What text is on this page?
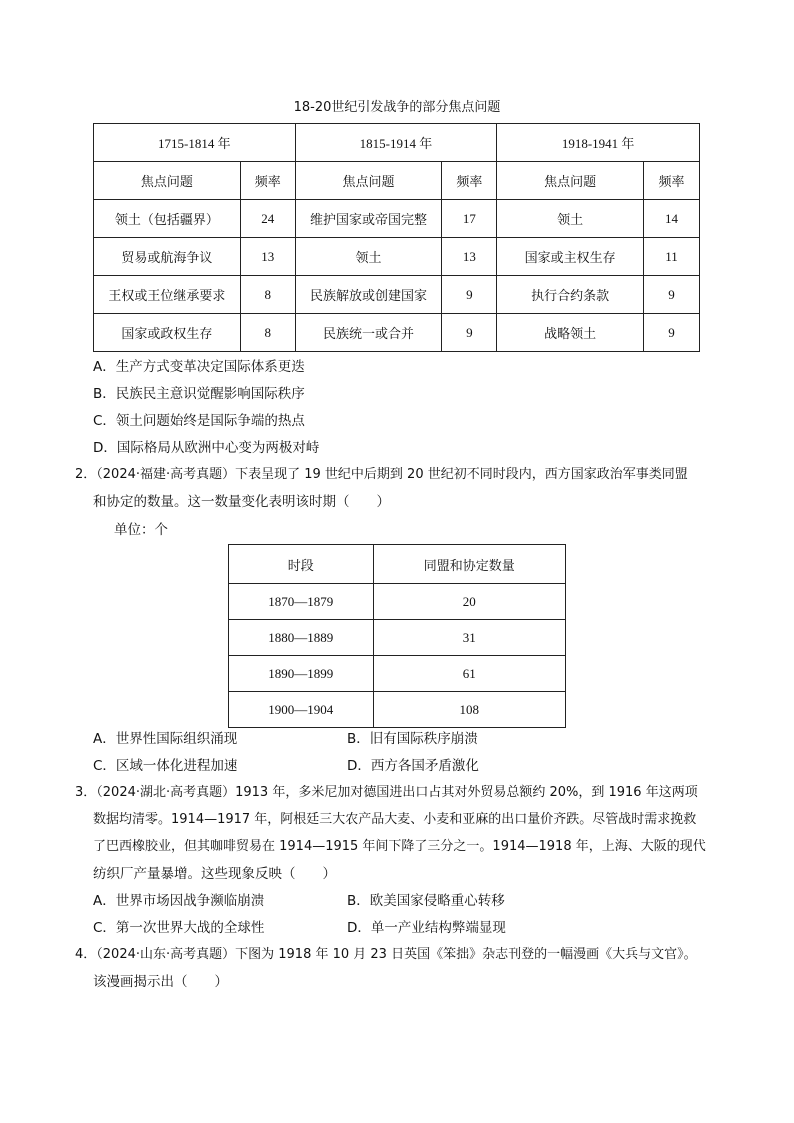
18-20世纪引发战争的部分焦点问题
1715-1814 年		1815-1914 年		1918-1941 年	
焦点问题	频率	焦点问题	频率	焦点问题	频率
领土（包括疆界）	24	维护国家或帝国完整	17	领土	14
贸易或航海争议	13	领土	13	国家或主权生存	11
王权或王位继承要求	8	民族解放或创建国家	9	执行合约条款	9
国家或政权生存	8	民族统一或合并	9	战略领土	9
A．生产方式变革决定国际体系更迭
B．民族民主意识觉醒影响国际秩序
C．领土问题始终是国际争端的热点
D．国际格局从欧洲中心变为两极对峙
2．（2024·福建·高考真题）下表呈现了 19 世纪中后期到 20 世纪初不同时段内，西方国家政治军事类同盟
和协定的数量。这一数量变化表明该时期（　　）
单位：个
时段	同盟和协定数量
1870—1879	20
1880—1889	31
1890—1899	61
1900—1904	108
A．世界性国际组织涌现	B．旧有国际秩序崩溃
C．区域一体化进程加速	D．西方各国矛盾激化
3．（2024·湖北·高考真题）1913 年，多米尼加对德国进出口占其对外贸易总额约 20%，到 1916 年这两项
数据均清零。1914—1917 年，阿根廷三大农产品大麦、小麦和亚麻的出口量价齐跌。尽管战时需求挽救
了巴西橡胶业，但其咖啡贸易在 1914—1915 年间下降了三分之一。1914—1918 年，上海、大阪的现代
纺织厂产量暴增。这些现象反映（　　）
A．世界市场因战争濒临崩溃	B．欧美国家侵略重心转移
C．第一次世界大战的全球性	D．单一产业结构弊端显现
4．（2024·山东·高考真题）下图为 1918 年 10 月 23 日英国《笨拙》杂志刊登的一幅漫画《大兵与文官》。
该漫画揭示出（　　）
